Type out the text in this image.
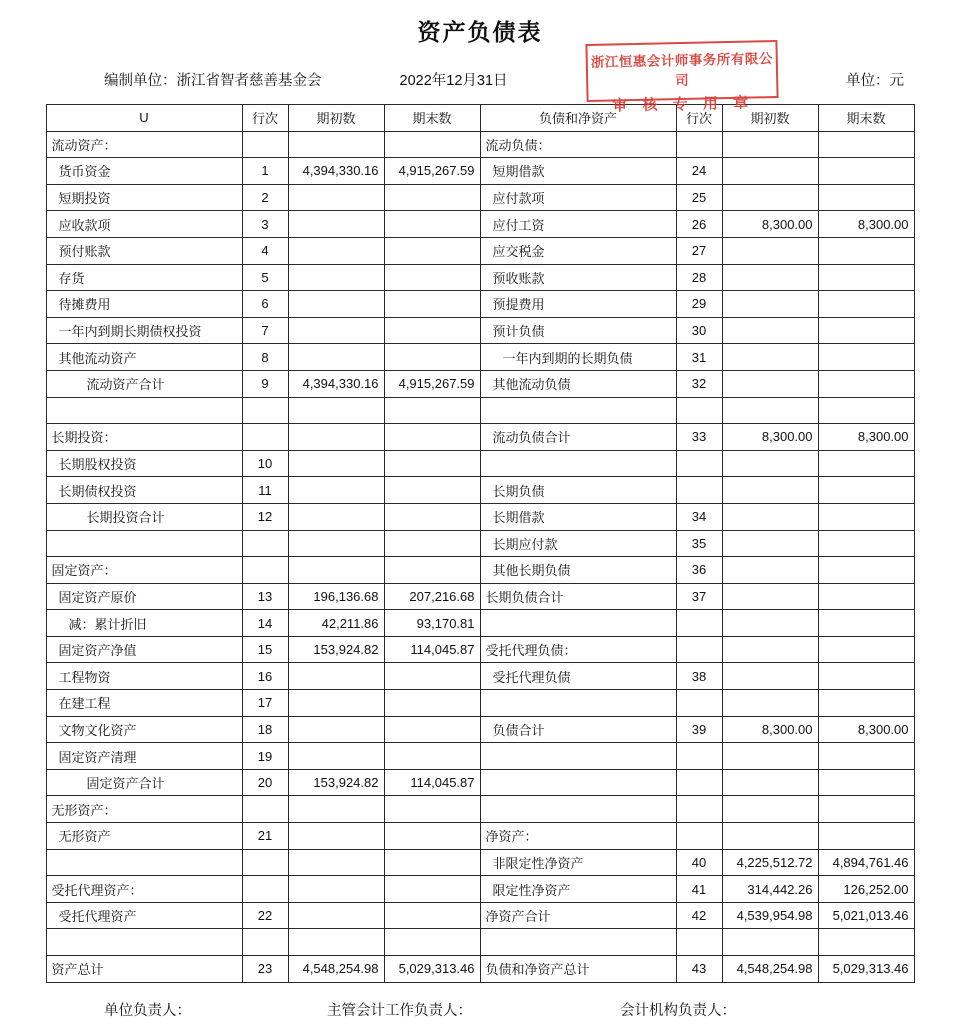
资产负债表
浙江恒惠会计师事务所有限公司
审 核 专 用 章
编制单位：浙江省智者慈善基金会	2022年12月31日	单位：元
U	行次	期初数	期末数	负债和净资产	行次	期初数	期末数
流动资产：				流动负债：			
货币资金	1	4,394,330.16	4,915,267.59	短期借款	24		
短期投资	2			应付款项	25		
应收款项	3			应付工资	26	8,300.00	8,300.00
预付账款	4			应交税金	27		
存货	5			预收账款	28		
待摊费用	6			预提费用	29		
一年内到期长期债权投资	7			预计负债	30		
其他流动资产	8			一年内到期的长期负债	31		
流动资产合计	9	4,394,330.16	4,915,267.59	其他流动负债	32		

长期投资：				流动负债合计	33	8,300.00	8,300.00
长期股权投资	10						
长期债权投资	11			长期负债			
长期投资合计	12			长期借款	34		
				长期应付款	35		
固定资产：				其他长期负债	36		
固定资产原价	13	196,136.68	207,216.68	长期负债合计	37		
减：累计折旧	14	42,211.86	93,170.81				
固定资产净值	15	153,924.82	114,045.87	受托代理负债：			
工程物资	16			受托代理负债	38		
在建工程	17						
文物文化资产	18			负债合计	39	8,300.00	8,300.00
固定资产清理	19						
固定资产合计	20	153,924.82	114,045.87				
无形资产：							
无形资产	21			净资产：			
				非限定性净资产	40	4,225,512.72	4,894,761.46
受托代理资产：				限定性净资产	41	314,442.26	126,252.00
受托代理资产	22			净资产合计	42	4,539,954.98	5,021,013.46

资产总计	23	4,548,254.98	5,029,313.46	负债和净资产总计	43	4,548,254.98	5,029,313.46
单位负责人：	主管会计工作负责人：	会计机构负责人：
